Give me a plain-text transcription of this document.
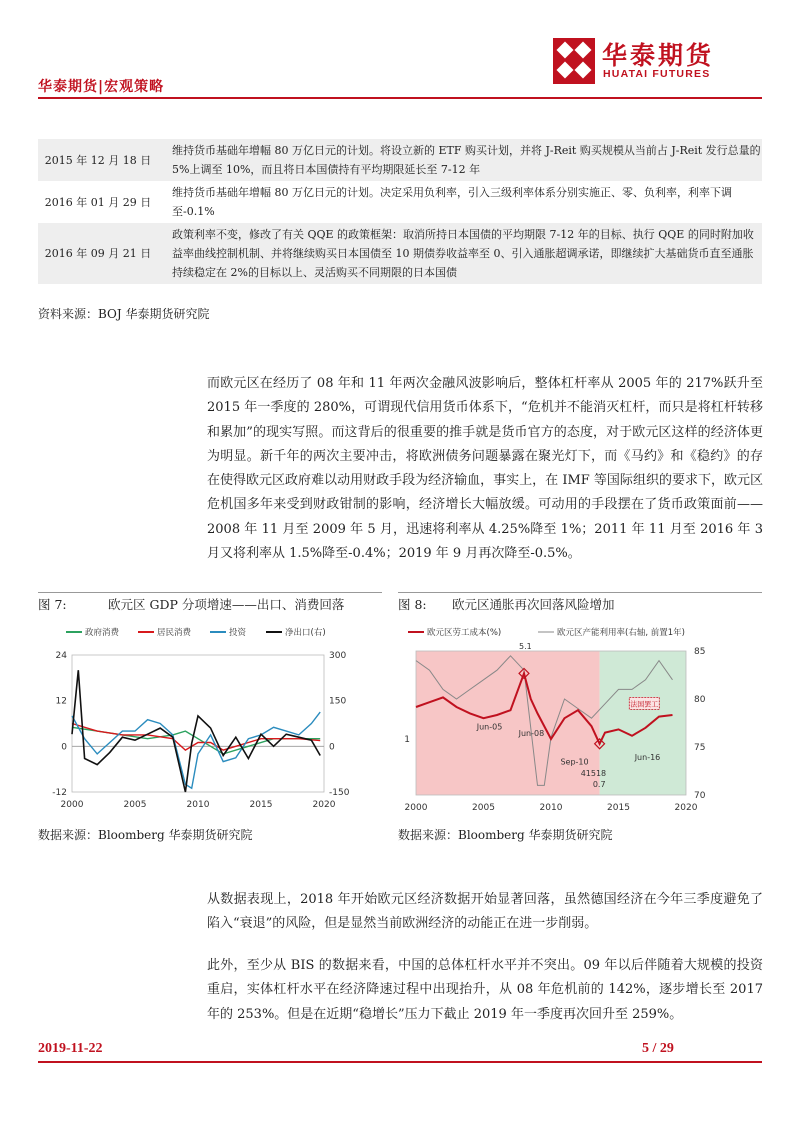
华泰期货|宏观策略
华泰期货
HUATAI FUTURES
2015 年 12 月 18 日	维持货币基础年增幅 80 万亿日元的计划。将设立新的 ETF 购买计划，并将 J-Reit 购买规模从当前占 J-Reit 发行总量的 5%上调至 10%，而且将日本国债持有平均期限延长至 7-12 年
2016 年 01 月 29 日	维持货币基础年增幅 80 万亿日元的计划。决定采用负利率，引入三级利率体系分别实施正、零、负利率，利率下调至-0.1%
2016 年 09 月 21 日	政策利率不变，修改了有关 QQE 的政策框架：取消所持日本国债的平均期限 7-12 年的目标、执行 QQE 的同时附加收益率曲线控制机制、并将继续购买日本国债至 10 期债券收益率至 0、引入通胀超调承诺，即继续扩大基础货币直至通胀持续稳定在 2%的目标以上、灵活购买不同期限的日本国债
资料来源：BOJ 华泰期货研究院
而欧元区在经历了 08 年和 11 年两次金融风波影响后，整体杠杆率从 2005 年的 217%跃升至 2015 年一季度的 280%，可谓现代信用货币体系下，“危机并不能消灭杠杆，而只是将杠杆转移和累加”的现实写照。而这背后的很重要的推手就是货币官方的态度，对于欧元区这样的经济体更为明显。新千年的两次主要冲击，将欧洲债务问题暴露在聚光灯下，而《马约》和《稳约》的存在使得欧元区政府难以动用财政手段为经济输血，事实上，在 IMF 等国际组织的要求下，欧元区危机国多年来受到财政钳制的影响，经济增长大幅放缓。可动用的手段摆在了货币政策面前——2008 年 11 月至 2009 年 5 月，迅速将利率从 4.25%降至 1%；2011 年 11 月至 2016 年 3 月又将利率从 1.5%降至-0.4%；2019 年 9 月再次降至-0.5%。
图 7:	欧元区 GDP 分项增速——出口、消费回落	图 8: 欧元区通胀再次回落风险增加
政府消费	居民消费	投资	净出口(右)
24
12
0
-12
300
150
0
-150
2000	2005	2010	2015	2020
欧元区劳工成本(%)	欧元区产能利用率(右轴, 前置1年)
1
85
80
75
70
2000	2005	2010	2015	2020
5.1
Jun-05
Jun-08
Sep-10
41518
0.7
Jun-16
法国罢工
数据来源：Bloomberg 华泰期货研究院	数据来源：Bloomberg 华泰期货研究院
从数据表现上，2018 年开始欧元区经济数据开始显著回落，虽然德国经济在今年三季度避免了陷入“衰退”的风险，但是显然当前欧洲经济的动能正在进一步削弱。
此外，至少从 BIS 的数据来看，中国的总体杠杆水平并不突出。09 年以后伴随着大规模的投资重启，实体杠杆水平在经济降速过程中出现抬升，从 08 年危机前的 142%，逐步增长至 2017 年的 253%。但是在近期“稳增长”压力下截止 2019 年一季度再次回升至 259%。
2019-11-22	5 / 29
